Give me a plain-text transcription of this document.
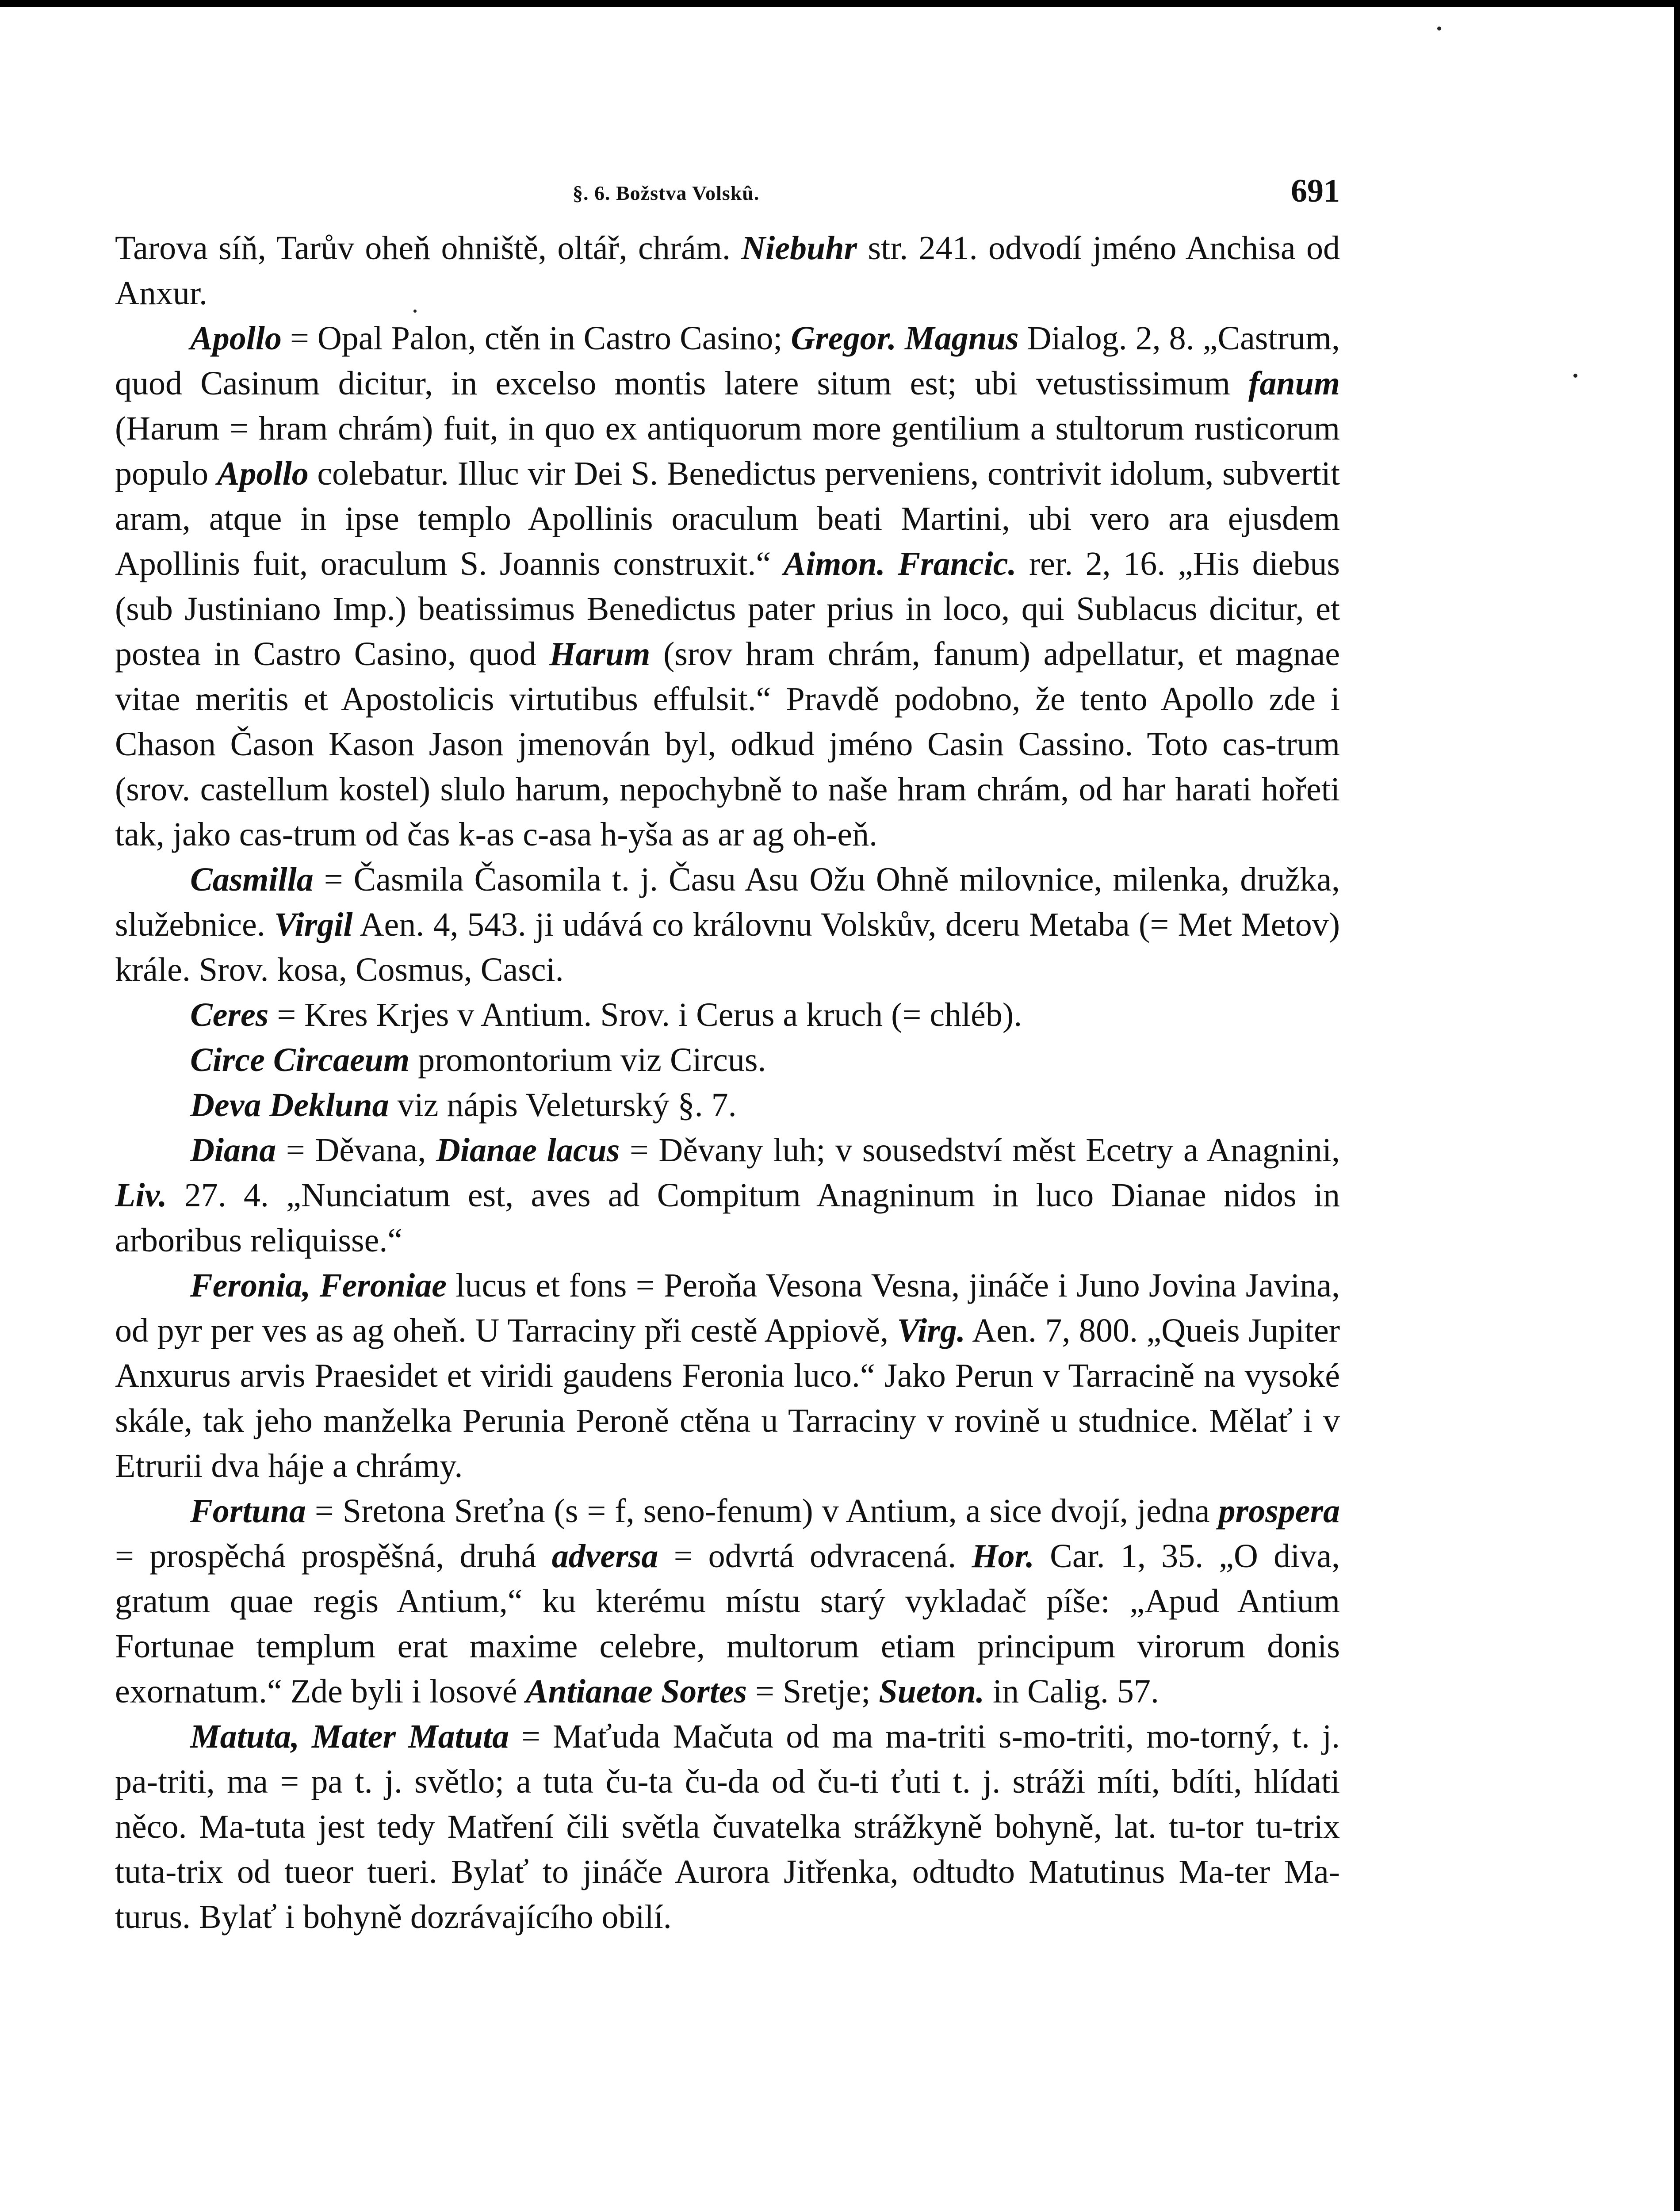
§. 6. Božstva Volskû.	691

Tarova síň, Tarův oheň ohniště, oltář, chrám. Niebuhr str. 241. odvodí jméno Anchisa od Anxur.

Apollo = Opal Palon, ctěn in Castro Casino; Gregor. Magnus Dialog. 2, 8. „Castrum, quod Casinum dicitur, in excelso montis latere situm est; ubi vetustissimum fanum (Harum = hram chrám) fuit, in quo ex antiquorum more gentilium a stultorum rusticorum populo Apollo colebatur. Illuc vir Dei S. Benedictus perveniens, contrivit idolum, subvertit aram, atque in ipse templo Apollinis oraculum beati Martini, ubi vero ara ejusdem Apollinis fuit, oraculum S. Joannis construxit.“ Aimon. Francic. rer. 2, 16. „His diebus (sub Justiniano Imp.) beatissimus Benedictus pater prius in loco, qui Sublacus dicitur, et postea in Castro Casino, quod Harum (srov hram chrám, fanum) adpellatur, et magnae vitae meritis et Apostolicis virtutibus effulsit.“ Pravdě podobno, že tento Apollo zde i Chason Čason Kason Jason jmenován byl, odkud jméno Casin Cassino. Toto cas-trum (srov. castellum kostel) slulo harum, nepochybně to naše hram chrám, od har harati hořeti tak, jako cas-trum od čas k-as c-asa h-yša as ar ag oh-eň.

Casmilla = Časmila Časomila t. j. Času Asu Ožu Ohně milovnice, milenka, družka, služebnice. Virgil Aen. 4, 543. ji udává co královnu Volskův, dceru Metaba (= Met Metov) krále. Srov. kosa, Cosmus, Casci.

Ceres = Kres Krjes v Antium. Srov. i Cerus a kruch (= chléb).

Circe Circaeum promontorium viz Circus.

Deva Dekluna viz nápis Veleturský §. 7.

Diana = Děvana, Dianae lacus = Děvany luh; v sousedství měst Ecetry a Anagnini, Liv. 27. 4. „Nunciatum est, aves ad Compitum Anagninum in luco Dianae nidos in arboribus reliquisse.“

Feronia, Feroniae lucus et fons = Peroňa Vesona Vesna, jináče i Juno Jovina Javina, od pyr per ves as ag oheň. U Tarraciny při cestě Appiově, Virg. Aen. 7, 800. „Queis Jupiter Anxurus arvis Praesidet et viridi gaudens Feronia luco.“ Jako Perun v Tarracině na vysoké skále, tak jeho manželka Perunia Peroně ctěna u Tarraciny v rovině u studnice. Mělať i v Etrurii dva háje a chrámy.

Fortuna = Sretona Sreťna (s = f, seno-fenum) v Antium, a sice dvojí, jedna prospera = prospěchá prospěšná, druhá adversa = odvrtá odvracená. Hor. Car. 1, 35. „O diva, gratum quae regis Antium,“ ku kterému místu starý vykladač píše: „Apud Antium Fortunae templum erat maxime celebre, multorum etiam principum virorum donis exornatum.“ Zde byli i losové Antianae Sortes = Sretje; Sueton. in Calig. 57.

Matuta, Mater Matuta = Maťuda Mačuta od ma ma-triti s-mo-triti, mo-torný, t. j. pa-triti, ma = pa t. j. světlo; a tuta ču-ta ču-da od ču-ti ťuti t. j. stráži míti, bdíti, hlídati něco. Ma-tuta jest tedy Matření čili světla čuvatelka strážkyně bohyně, lat. tu-tor tu-trix tuta-trix od tueor tueri. Bylať to jináče Aurora Jitřenka, odtudto Matutinus Ma-ter Ma-turus. Bylať i bohyně dozrávajícího obilí.
